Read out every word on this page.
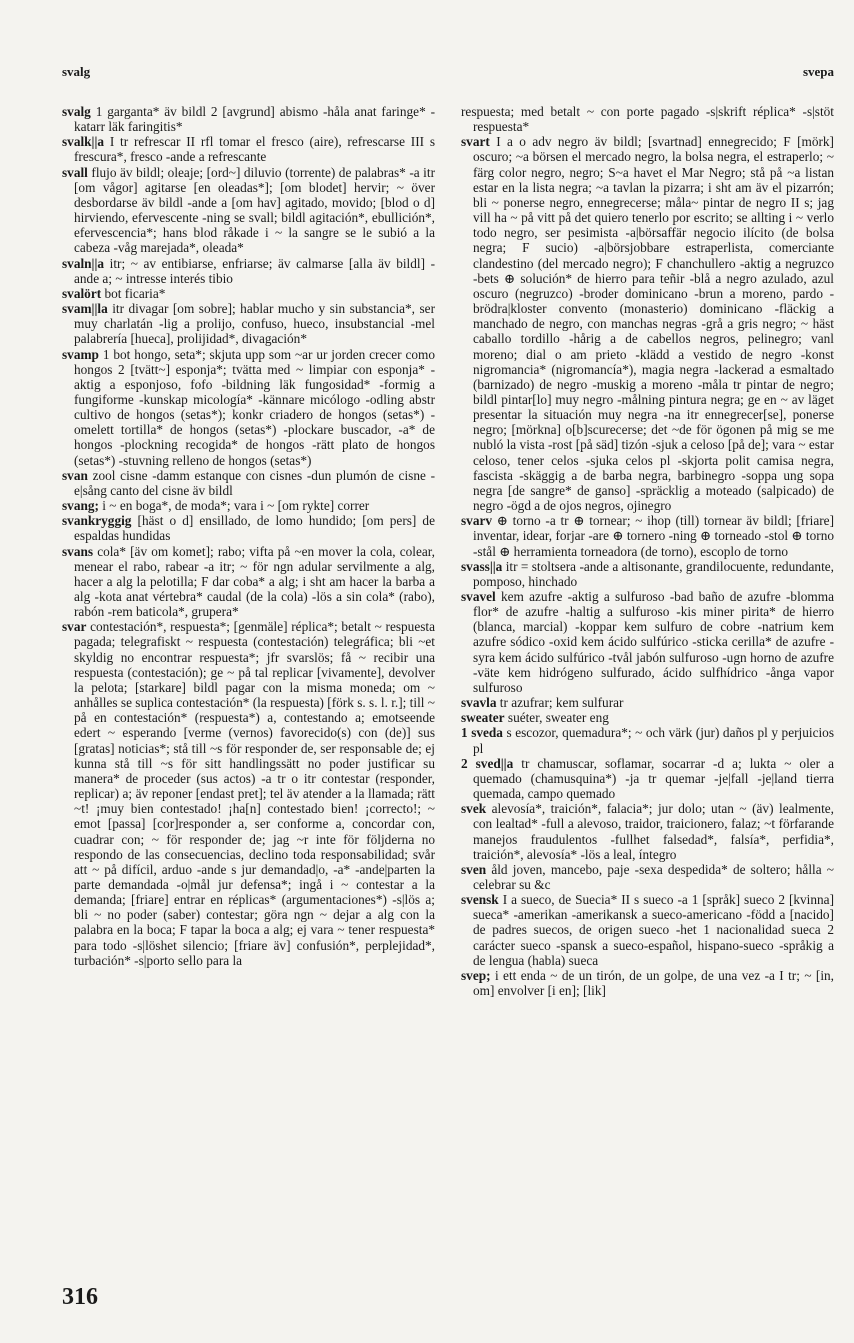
svalg	svepa

svalg 1 garganta* äv bildl 2 [avgrund] abismo -håla anat faringe* -katarr läk faringitis*

svalk||a I tr refrescar II rfl tomar el fresco (aire), refrescarse III s frescura*, fresco -ande a refrescante

svall flujo äv bildl; oleaje; [ord~] diluvio (torrente) de palabras* -a itr [om vågor] agitarse [en oleadas*]; [om blodet] hervir; ~ över desbordarse äv bildl -ande a [om hav] agitado, movido; [blod o d] hirviendo, efervescente -ning se svall; bildl agitación*, ebullición*, efervescencia*; hans blod råkade i ~ la sangre se le subió a la cabeza -våg marejada*, oleada*

svaln||a itr; ~ av entibiarse, enfriarse; äv calmarse [alla äv bildl] -ande a; ~ intresse interés tibio

svalört bot ficaria*

svam||la itr divagar [om sobre]; hablar mucho y sin substancia*, ser muy charlatán -lig a prolijo, confuso, hueco, insubstancial -mel palabrería [hueca], prolijidad*, divagación*

svamp 1 bot hongo, seta*; skjuta upp som ~ar ur jorden crecer como hongos 2 [tvätt~] esponja*; tvätta med ~ limpiar con esponja* -aktig a esponjoso, fofo -bildning läk fungosidad* -formig a fungiforme -kunskap micología* -kännare micólogo -odling abstr cultivo de hongos (setas*); konkr criadero de hongos (setas*) -omelett tortilla* de hongos (setas*) -plockare buscador, -a* de hongos -plockning recogida* de hongos -rätt plato de hongos (setas*) -stuvning relleno de hongos (setas*)

svan zool cisne -damm estanque con cisnes -dun plumón de cisne -e|sång canto del cisne äv bildl

svang; i ~ en boga*, de moda*; vara i ~ [om rykte] correr

svankryggig [häst o d] ensillado, de lomo hundido; [om pers] de espaldas hundidas

svans cola* [äv om komet]; rabo; vifta på ~en mover la cola, colear, menear el rabo, rabear -a itr; ~ för ngn adular servilmente a alg, hacer a alg la pelotilla; F dar coba* a alg; i sht am hacer la barba a alg -kota anat vértebra* caudal (de la cola) -lös a sin cola* (rabo), rabón -rem baticola*, grupera*

svar contestación*, respuesta*; [genmäle] réplica*; betalt ~ respuesta pagada; telegrafiskt ~ respuesta (contestación) telegráfica; bli ~et skyldig no encontrar respuesta*; jfr svarslös; få ~ recibir una respuesta (contestación); ge ~ på tal replicar [vivamente], devolver la pelota; [starkare] bildl pagar con la misma moneda; om ~ anhålles se suplica contestación* (la respuesta) [förk s. s. l. r.]; till ~ på en contestación* (respuesta*) a, contestando a; emotseende edert ~ esperando [verme (vernos) favorecido(s) con (de)] sus [gratas] noticias*; stå till ~s för responder de, ser responsable de; ej kunna stå till ~s för sitt handlingssätt no poder justificar su manera* de proceder (sus actos) -a tr o itr contestar (responder, replicar) a; äv reponer [endast pret]; tel äv atender a la llamada; rätt ~t! ¡muy bien contestado! ¡ha[n] contestado bien! ¡correcto!; ~ emot [passa] [cor]responder a, ser conforme a, concordar con, cuadrar con; ~ för responder de; jag ~r inte för följderna no respondo de las consecuencias, declino toda responsabilidad; svår att ~ på difícil, arduo -ande s jur demandad|o, -a* -ande|parten la parte demandada -o|mål jur defensa*; ingå i ~ contestar a la demanda; [friare] entrar en réplicas* (argumentaciones*) -s|lös a; bli ~ no poder (saber) contestar; göra ngn ~ dejar a alg con la palabra en la boca; F tapar la boca a alg; ej vara ~ tener respuesta* para todo -s|löshet silencio; [friare äv] confusión*, perplejidad*, turbación* -s|porto sello para la

respuesta; med betalt ~ con porte pagado -s|skrift réplica* -s|stöt respuesta*

svart I a o adv negro äv bildl; [svartnad] ennegrecido; F [mörk] oscuro; ~a börsen el mercado negro, la bolsa negra, el estraperlo; ~ färg color negro, negro; S~a havet el Mar Negro; stå på ~a listan estar en la lista negra; ~a tavlan la pizarra; i sht am äv el pizarrón; bli ~ ponerse negro, ennegrecerse; måla~ pintar de negro II s; jag vill ha ~ på vitt på det quiero tenerlo por escrito; se allting i ~ verlo todo negro, ser pesimista -a|börsaffär negocio ilícito (de bolsa negra; F sucio) -a|börsjobbare estraperlista, comerciante clandestino (del mercado negro); F chanchullero -aktig a negruzco -bets ⊕ solución* de hierro para teñir -blå a negro azulado, azul oscuro (negruzco) -broder dominicano -brun a moreno, pardo -brödra|kloster convento (monasterio) dominicano -fläckig a manchado de negro, con manchas negras -grå a gris negro; ~ häst caballo tordillo -hårig a de cabellos negros, pelinegro; vanl moreno; dial o am prieto -klädd a vestido de negro -konst nigromancia* (nigromancía*), magia negra -lackerad a esmaltado (barnizado) de negro -muskig a moreno -måla tr pintar de negro; bildl pintar[lo] muy negro -målning pintura negra; ge en ~ av läget presentar la situación muy negra -na itr ennegrecer[se], ponerse negro; [mörkna] o[b]scurecerse; det ~de för ögonen på mig se me nubló la vista -rost [på säd] tizón -sjuk a celoso [på de]; vara ~ estar celoso, tener celos -sjuka celos pl -skjorta polit camisa negra, fascista -skäggig a de barba negra, barbinegro -soppa ung sopa negra [de sangre* de ganso] -spräcklig a moteado (salpicado) de negro -ögd a de ojos negros, ojinegro

svarv ⊕ torno -a tr ⊕ tornear; ~ ihop (till) tornear äv bildl; [friare] inventar, idear, forjar -are ⊕ tornero -ning ⊕ torneado -stol ⊕ torno -stål ⊕ herramienta torneadora (de torno), escoplo de torno

svass||a itr = stoltsera -ande a altisonante, grandilocuente, redundante, pomposo, hinchado

svavel kem azufre -aktig a sulfuroso -bad baño de azufre -blomma flor* de azufre -haltig a sulfuroso -kis miner pirita* de hierro (blanca, marcial) -koppar kem sulfuro de cobre -natrium kem azufre sódico -oxid kem ácido sulfúrico -sticka cerilla* de azufre -syra kem ácido sulfúrico -tvål jabón sulfuroso -ugn horno de azufre -väte kem hidrógeno sulfurado, ácido sulfhídrico -ånga vapor sulfuroso

svavla tr azufrar; kem sulfurar

sweater suéter, sweater eng

1 sveda s escozor, quemadura*; ~ och värk (jur) daños pl y perjuicios pl

2 sved||a tr chamuscar, soflamar, socarrar -d a; lukta ~ oler a quemado (chamusquina*) -ja tr quemar -je|fall -je|land tierra quemada, campo quemado

svek alevosía*, traición*, falacia*; jur dolo; utan ~ (äv) lealmente, con lealtad* -full a alevoso, traidor, traicionero, falaz; ~t förfarande manejos fraudulentos -fullhet falsedad*, falsía*, perfidia*, traición*, alevosía* -lös a leal, íntegro

sven åld joven, mancebo, paje -sexa despedida* de soltero; hålla ~ celebrar su &c

svensk I a sueco, de Suecia* II s sueco -a 1 [språk] sueco 2 [kvinna] sueca* -amerikan -amerikansk a sueco-americano -född a [nacido] de padres suecos, de origen sueco -het 1 nacionalidad sueca 2 carácter sueco -spansk a sueco-español, hispano-sueco -språkig a de lengua (habla) sueca

svep; i ett enda ~ de un tirón, de un golpe, de una vez -a I tr; ~ [in, om] envolver [i en]; [lik]

316
